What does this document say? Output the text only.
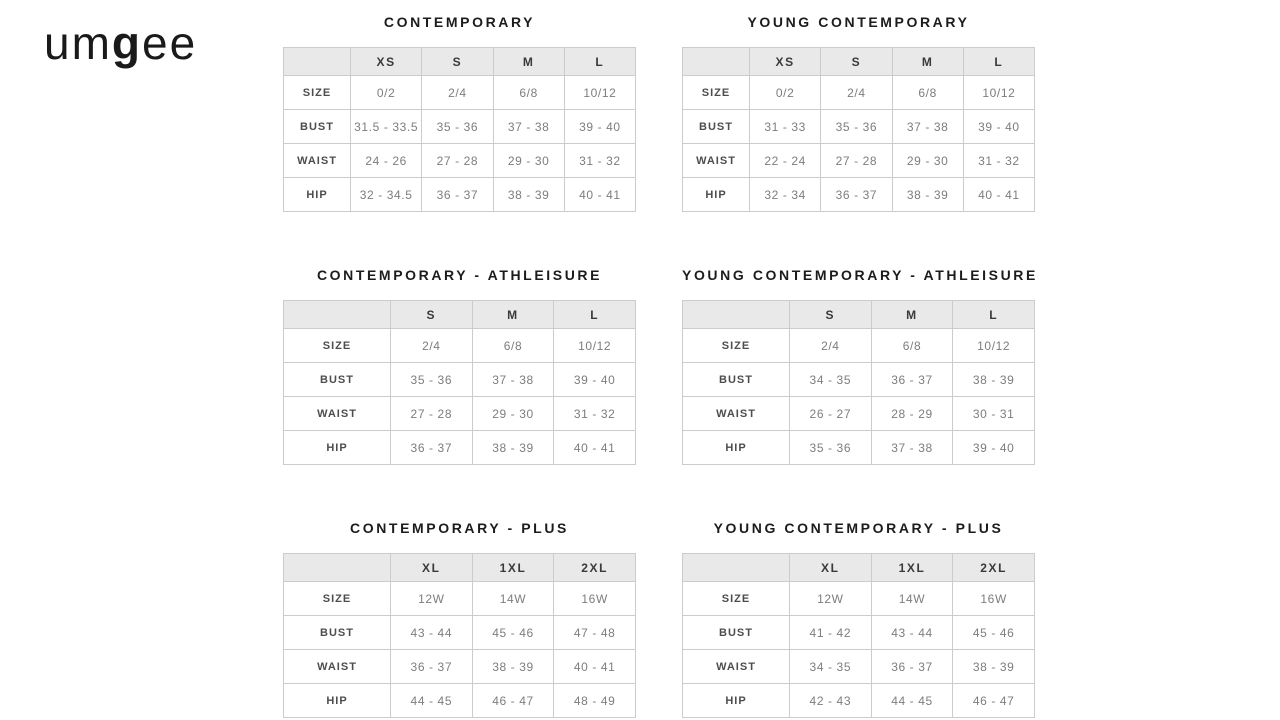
umgee	CONTEMPORARY
	XS	S	M	L
SIZE	0/2	2/4	6/8	10/12
BUST	31.5 - 33.5	35 - 36	37 - 38	39 - 40
WAIST	24 - 26	27 - 28	29 - 30	31 - 32
HIP	32 - 34.5	36 - 37	38 - 39	40 - 41
YOUNG CONTEMPORARY
	XS	S	M	L
SIZE	0/2	2/4	6/8	10/12
BUST	31 - 33	35 - 36	37 - 38	39 - 40
WAIST	22 - 24	27 - 28	29 - 30	31 - 32
HIP	32 - 34	36 - 37	38 - 39	40 - 41
CONTEMPORARY - ATHLEISURE
	S	M	L
SIZE	2/4	6/8	10/12
BUST	35 - 36	37 - 38	39 - 40
WAIST	27 - 28	29 - 30	31 - 32
HIP	36 - 37	38 - 39	40 - 41
YOUNG CONTEMPORARY - ATHLEISURE
	S	M	L
SIZE	2/4	6/8	10/12
BUST	34 - 35	36 - 37	38 - 39
WAIST	26 - 27	28 - 29	30 - 31
HIP	35 - 36	37 - 38	39 - 40
CONTEMPORARY - PLUS
	XL	1XL	2XL
SIZE	12W	14W	16W
BUST	43 - 44	45 - 46	47 - 48
WAIST	36 - 37	38 - 39	40 - 41
HIP	44 - 45	46 - 47	48 - 49
YOUNG CONTEMPORARY - PLUS
	XL	1XL	2XL
SIZE	12W	14W	16W
BUST	41 - 42	43 - 44	45 - 46
WAIST	34 - 35	36 - 37	38 - 39
HIP	42 - 43	44 - 45	46 - 47
